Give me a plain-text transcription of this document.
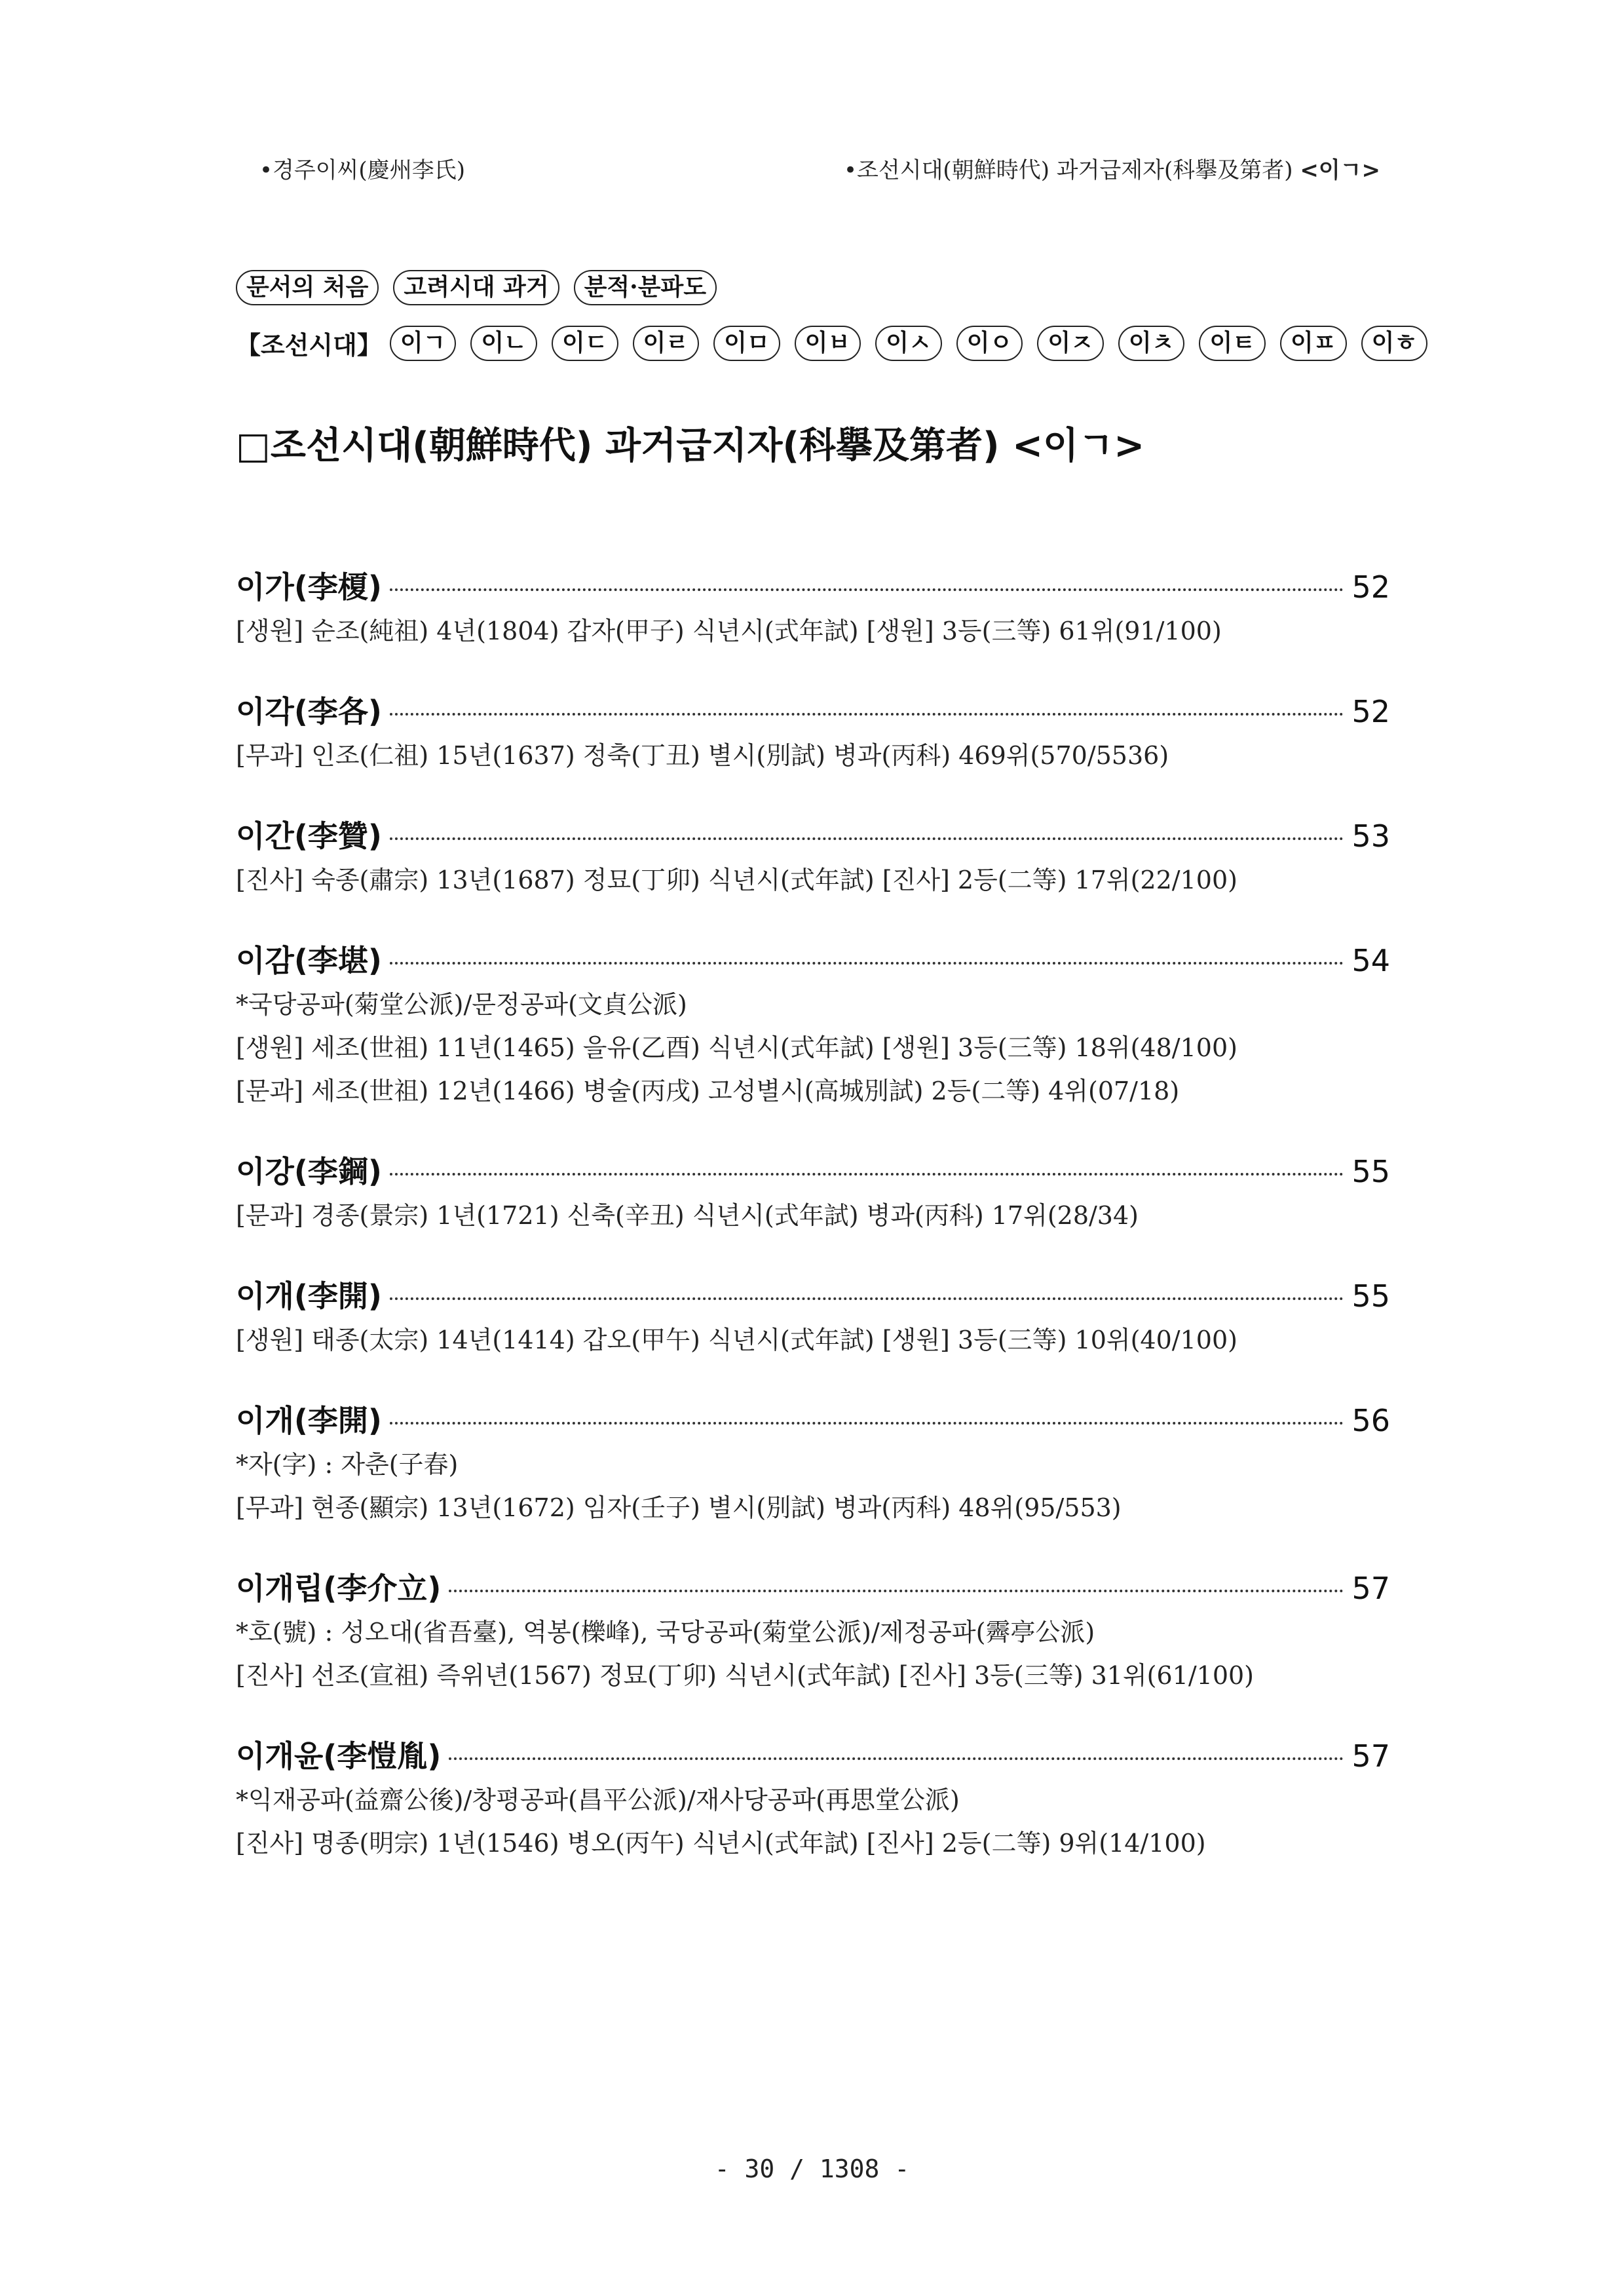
•경주이씨(慶州李氏)	•조선시대(朝鮮時代) 과거급제자(科擧及第者) <이ㄱ>
문서의 처음	고려시대 과거	분적·분파도
【조선시대】 이ㄱ	이ㄴ	이ㄷ	이ㄹ	이ㅁ	이ㅂ	이ㅅ	이ㅇ	이ㅈ	이ㅊ	이ㅌ	이ㅍ	이ㅎ
□조선시대(朝鮮時代) 과거급지자(科擧及第者) <이ㄱ>
이가(李榎)	52
[생원] 순조(純祖) 4년(1804) 갑자(甲子) 식년시(式年試) [생원] 3등(三等) 61위(91/100)
이각(李各)	52
[무과] 인조(仁祖) 15년(1637) 정축(丁丑) 별시(別試) 병과(丙科) 469위(570/5536)
이간(李贊)	53
[진사] 숙종(肅宗) 13년(1687) 정묘(丁卯) 식년시(式年試) [진사] 2등(二等) 17위(22/100)
이감(李堪)	54
*국당공파(菊堂公派)/문정공파(文貞公派)
[생원] 세조(世祖) 11년(1465) 을유(乙酉) 식년시(式年試) [생원] 3등(三等) 18위(48/100)
[문과] 세조(世祖) 12년(1466) 병술(丙戌) 고성별시(高城別試) 2등(二等) 4위(07/18)
이강(李鋼)	55
[문과] 경종(景宗) 1년(1721) 신축(辛丑) 식년시(式年試) 병과(丙科) 17위(28/34)
이개(李開)	55
[생원] 태종(太宗) 14년(1414) 갑오(甲午) 식년시(式年試) [생원] 3등(三等) 10위(40/100)
이개(李開)	56
*자(字) : 자춘(子春)
[무과] 현종(顯宗) 13년(1672) 임자(壬子) 별시(別試) 병과(丙科) 48위(95/553)
이개립(李介立)	57
*호(號) : 성오대(省吾臺), 역봉(櫟峰), 국당공파(菊堂公派)/제정공파(霽亭公派)
[진사] 선조(宣祖) 즉위년(1567) 정묘(丁卯) 식년시(式年試) [진사] 3등(三等) 31위(61/100)
이개윤(李愷胤)	57
*익재공파(益齋公後)/창평공파(昌平公派)/재사당공파(再思堂公派)
[진사] 명종(明宗) 1년(1546) 병오(丙午) 식년시(式年試) [진사] 2등(二等) 9위(14/100)
- 30 / 1308 -
